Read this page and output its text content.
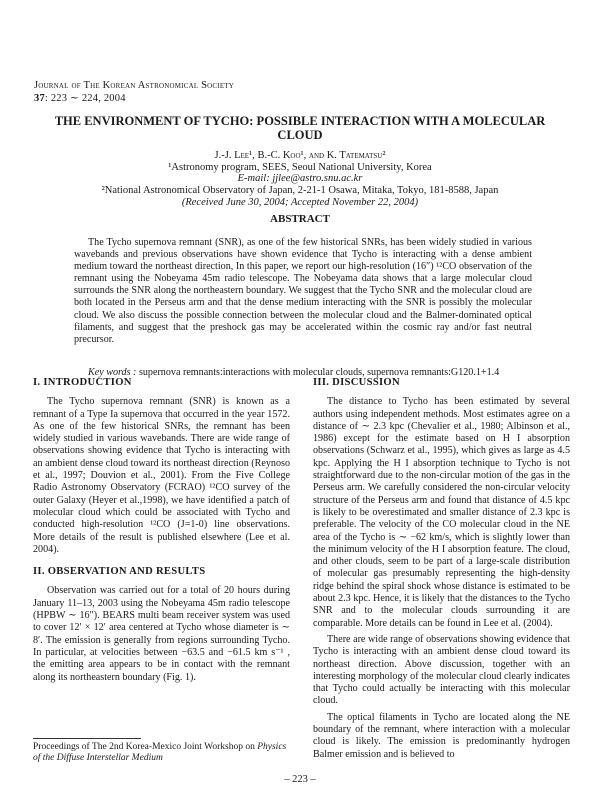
Journal of The Korean Astronomical Society
37: 223 ∼ 224, 2004
THE ENVIRONMENT OF TYCHO: POSSIBLE INTERACTION WITH A MOLECULAR CLOUD
J.-J. Lee¹, B.-C. Koo¹, and K. Tatematsu²
¹Astronomy program, SEES, Seoul National University, Korea
E-mail: jjlee@astro.snu.ac.kr
²National Astronomical Observatory of Japan, 2-21-1 Osawa, Mitaka, Tokyo, 181-8588, Japan
(Received June 30, 2004; Accepted November 22, 2004)
ABSTRACT
The Tycho supernova remnant (SNR), as one of the few historical SNRs, has been widely studied in various wavebands and previous observations have shown evidence that Tycho is interacting with a dense ambient medium toward the northeast direction, In this paper, we report our high-resolution (16″) ¹²CO observation of the remnant using the Nobeyama 45m radio telescope. The Nobeyama data shows that a large molecular cloud surrounds the SNR along the northeastern boundary. We suggest that the Tycho SNR and the molecular cloud are both located in the Perseus arm and that the dense medium interacting with the SNR is possibly the molecular cloud. We also discuss the possible connection between the molecular cloud and the Balmer-dominated optical filaments, and suggest that the preshock gas may be accelerated within the cosmic ray and/or fast neutral precursor.
Key words : supernova remnants:interactions with molecular clouds, supernova remnants:G120.1+1.4
I. INTRODUCTION

The Tycho supernova remnant (SNR) is known as a remnant of a Type Ia supernova that occurred in the year 1572. As one of the few historical SNRs, the remnant has been widely studied in various wavebands. There are wide range of observations showing evidence that Tycho is interacting with an ambient dense cloud toward its northeast direction (Reynoso et al., 1997; Douvion et al., 2001). From the Five College Radio Astronomy Observatory (FCRAO) ¹²CO survey of the outer Galaxy (Heyer et al.,1998), we have identified a patch of molecular cloud which could be associated with Tycho and conducted high-resolution ¹²CO (J=1-0) line observations. More details of the result is published elsewhere (Lee et al. 2004).

II. OBSERVATION AND RESULTS

Observation was carried out for a total of 20 hours during January 11–13, 2003 using the Nobeyama 45m radio telescope (HPBW ∼ 16″). BEARS multi beam receiver system was used to cover 12′ × 12′ area centered at Tycho whose diameter is ∼ 8′. The emission is generally from regions surrounding Tycho. In particular, at velocities between −63.5 and −61.5 km s⁻¹ , the emitting area appears to be in contact with the remnant along its northeastern boundary (Fig. 1).

III. DISCUSSION

The distance to Tycho has been estimated by several authors using independent methods. Most estimates agree on a distance of ∼ 2.3 kpc (Chevalier et al., 1980; Albinson et al., 1986) except for the estimate based on H I absorption observations (Schwarz et al., 1995), which gives as large as 4.5 kpc. Applying the H I absorption technique to Tycho is not straightforward due to the non-circular motion of the gas in the Perseus arm. We carefully considered the non-circular velocity structure of the Perseus arm and found that distance of 4.5 kpc is likely to be overestimated and smaller distance of 2.3 kpc is preferable. The velocity of the CO molecular cloud in the NE area of the Tycho is ∼ −62 km/s, which is slightly lower than the minimum velocity of the H I absorption feature. The cloud, and other clouds, seem to be part of a large-scale distribution of molecular gas presumably representing the high-density ridge behind the spiral shock whose distance is estimated to be about 2.3 kpc. Hence, it is likely that the distances to the Tycho SNR and to the molecular clouds surrounding it are comparable. More details can be found in Lee et al. (2004).

There are wide range of observations showing evidence that Tycho is interacting with an ambient dense cloud toward its northeast direction. Above discussion, together with an interesting morphology of the molecular cloud clearly indicates that Tycho could actually be interacting with this molecular cloud.

The optical filaments in Tycho are located along the NE boundary of the remnant, where interaction with a molecular cloud is likely. The emission is predominantly hydrogen Balmer emission and is believed to

Proceedings of The 2nd Korea-Mexico Joint Workshop on Physics of the Diffuse Interstellar Medium
– 223 –
